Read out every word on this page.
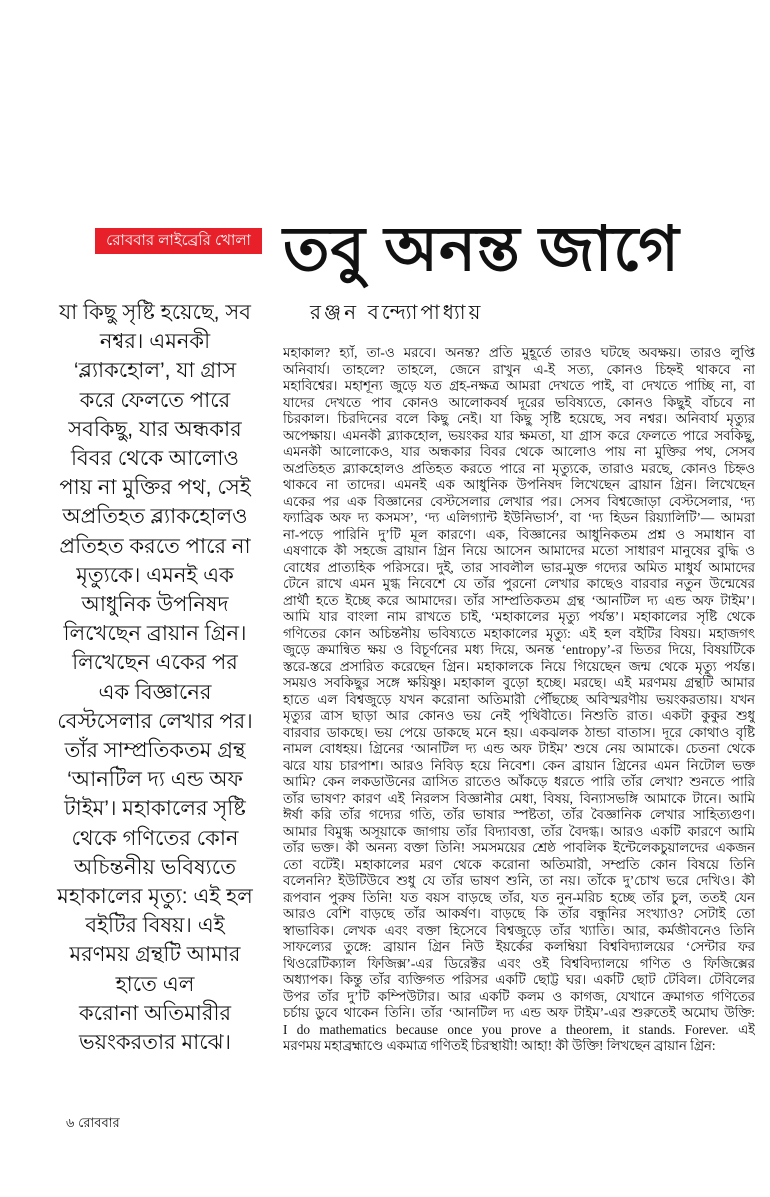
রোববার লাইব্রেরি খোলা তবু অনন্ত জাগে
রঞ্জন বন্দ্যোপাধ্যায়
যা কিছু সৃষ্টি হয়েছে, সব
নশ্বর। এমনকী
‘ব্ল্যাকহোল’, যা গ্রাস
করে ফেলতে পারে
সবকিছু, যার অন্ধকার
বিবর থেকে আলোও
পায় না মুক্তির পথ, সেই
অপ্রতিহত ব্ল্যাকহোলও
প্রতিহত করতে পারে না
মৃত্যুকে। এমনই এক
আধুনিক উপনিষদ
লিখেছেন ব্রায়ান গ্রিন।
লিখেছেন একের পর
এক বিজ্ঞানের
বেস্টসেলার লেখার পর।
তাঁর সাম্প্রতিকতম গ্রন্থ
‘আনটিল দ্য এন্ড অফ
টাইম’। মহাকালের সৃষ্টি
থেকে গণিতের কোন
অচিন্তনীয় ভবিষ্যতে
মহাকালের মৃত্যু: এই হল
বইটির বিষয়। এই
মরণময় গ্রন্থটি আমার
হাতে এল
করোনা অতিমারীর
ভয়ংকরতার মাঝে।
মহাকাল? হ্যাঁ, তা-ও মরবে। অনন্ত? প্রতি মুহূর্তে তারও ঘটছে অবক্ষয়। তারও লুপ্তি
অনিবার্য। তাহলে? তাহলে, জেনে রাখুন এ-ই সত্য, কোনও চিহ্নই থাকবে না
মহাবিশ্বের। মহাশূন্য জুড়ে যত গ্রহ-নক্ষত্র আমরা দেখতে পাই, বা দেখতে পাচ্ছি না, বা
যাদের দেখতে পাব কোনও আলোকবর্ষ দূরের ভবিষ্যতে, কোনও কিছুই বাঁচবে না
চিরকাল। চিরদিনের বলে কিছু নেই। যা কিছু সৃষ্টি হয়েছে, সব নশ্বর। অনিবার্য মৃত্যুর
অপেক্ষায়। এমনকী ব্ল্যাকহোল, ভয়ংকর যার ক্ষমতা, যা গ্রাস করে ফেলতে পারে সবকিছু,
এমনকী আলোকেও, যার অন্ধকার বিবর থেকে আলোও পায় না মুক্তির পথ, সেসব
অপ্রতিহত ব্ল্যাকহোলও প্রতিহত করতে পারে না মৃত্যুকে, তারাও মরছে, কোনও চিহ্নও
থাকবে না তাদের। এমনই এক আধুনিক উপনিষদ লিখেছেন ব্রায়ান গ্রিন। লিখেছেন
একের পর এক বিজ্ঞানের বেস্টসেলার লেখার পর। সেসব বিশ্বজোড়া বেস্টসেলার, ‘দ্য
ফ্যাব্রিক অফ দ্য কসমস’, ‘দ্য এলিগ্যান্ট ইউনিভার্স’, বা ‘দ্য হিডন রিয়্যালিটি’— আমরা
না-পড়ে পারিনি দু’টি মূল কারণে। এক, বিজ্ঞানের আধুনিকতম প্রশ্ন ও সমাধান বা
এষণাকে কী সহজে ব্রায়ান গ্রিন নিয়ে আসেন আমাদের মতো সাধারণ মানুষের বুদ্ধি ও
বোধের প্রাত্যহিক পরিসরে। দুই, তার সাবলীল ভার-মুক্ত গদ্যের অমিত মাধুর্য আমাদের
টেনে রাখে এমন মুগ্ধ নিবেশে যে তাঁর পুরনো লেখার কাছেও বারবার নতুন উন্মেষের
প্রার্থী হতে ইচ্ছে করে আমাদের। তাঁর সাম্প্রতিকতম গ্রন্থ ‘আনটিল দ্য এন্ড অফ টাইম’।
আমি যার বাংলা নাম রাখতে চাই, ‘মহাকালের মৃত্যু পর্যন্ত’। মহাকালের সৃষ্টি থেকে
গণিতের কোন অচিন্তনীয় ভবিষ্যতে মহাকালের মৃত্যু: এই হল বইটির বিষয়। মহাজগৎ
জুড়ে ক্রমান্বিত ক্ষয় ও বিচূর্ণনের মধ্য দিয়ে, অনন্ত ‘entropy’-র ভিতর দিয়ে, বিষয়টিকে
স্তরে-স্তরে প্রসারিত করেছেন গ্রিন। মহাকালকে নিয়ে গিয়েছেন জন্ম থেকে মৃত্যু পর্যন্ত।
সময়ও সবকিছুর সঙ্গে ক্ষয়িষ্ণু। মহাকাল বুড়ো হচ্ছে। মরছে। এই মরণময় গ্রন্থটি আমার
হাতে এল বিশ্বজুড়ে যখন করোনা অতিমারী পৌঁছচ্ছে অবিস্মরণীয় ভয়ংকরতায়। যখন
মৃত্যুর ত্রাস ছাড়া আর কোনও ভয় নেই পৃথিবীতে। নিশুতি রাত। একটা কুকুর শুধু
বারবার ডাকছে। ভয় পেয়ে ডাকছে মনে হয়। একঝলক ঠান্ডা বাতাস। দূরে কোথাও বৃষ্টি
নামল বোধহয়। গ্রিনের ‘আনটিল দ্য এন্ড অফ টাইম’ শুষে নেয় আমাকে। চেতনা থেকে
ঝরে যায় চারপাশ। আরও নিবিড় হয়ে নিবেশ। কেন ব্রায়ান গ্রিনের এমন নিটোল ভক্ত
আমি? কেন লকডাউনের ত্রাসিত রাতেও আঁকড়ে ধরতে পারি তাঁর লেখা? শুনতে পারি
তাঁর ভাষণ? কারণ এই নিরলস বিজ্ঞানীর মেধা, বিষয়, বিন্যাসভঙ্গি আমাকে টানে। আমি
ঈর্ষা করি তাঁর গদ্যের গতি, তাঁর ভাষার স্পষ্টতা, তাঁর বৈজ্ঞানিক লেখার সাহিত্যগুণ।
আমার বিমুগ্ধ অসূয়াকে জাগায় তাঁর বিদ্যাবত্তা, তাঁর বৈদগ্ধ। আরও একটি কারণে আমি
তাঁর ভক্ত। কী অনন্য বক্তা তিনি! সমসময়ের শ্রেষ্ঠ পাবলিক ইন্টেলেকচুয়ালদের একজন
তো বটেই। মহাকালের মরণ থেকে করোনা অতিমারী, সম্প্রতি কোন বিষয়ে তিনি
বলেননি? ইউটিউবে শুধু যে তাঁর ভাষণ শুনি, তা নয়। তাঁকে দু’চোখ ভরে দেখিও। কী
রূপবান পুরুষ তিনি! যত বয়স বাড়ছে তাঁর, যত নুন-মরিচ হচ্ছে তাঁর চুল, ততই যেন
আরও বেশি বাড়ছে তাঁর আকর্ষণ। বাড়ছে কি তাঁর বন্ধুনির সংখ্যাও? সেটাই তো
স্বাভাবিক। লেখক এবং বক্তা হিসেবে বিশ্বজুড়ে তাঁর খ্যাতি। আর, কর্মজীবনেও তিনি
সাফল্যের তুঙ্গে: ব্রায়ান গ্রিন নিউ ইয়র্কের কলম্বিয়া বিশ্ববিদ্যালয়ের ‘সেন্টার ফর
থিওরেটিক্যাল ফিজিক্স’-এর ডিরেক্টর এবং ওই বিশ্ববিদ্যালয়ে গণিত ও ফিজিক্সের
অধ্যাপক। কিন্তু তাঁর ব্যক্তিগত পরিসর একটি ছোট্ট ঘর। একটি ছোট টেবিল। টেবিলের
উপর তাঁর দু’টি কম্পিউটার। আর একটি কলম ও কাগজ, যেখানে ক্রমাগত গণিতের
চর্চায় ডুবে থাকেন তিনি। তাঁর ‘আনটিল দ্য এন্ড অফ টাইম’-এর শুরুতেই অমোঘ উক্তি:
I do mathematics because once you prove a theorem, it stands. Forever. এই
মরণময় মহাব্রহ্মাণ্ডে একমাত্র গণিতই চিরস্থায়ী! আহা! কী উক্তি! লিখছেন ব্রায়ান গ্রিন:
৬ রোববার
